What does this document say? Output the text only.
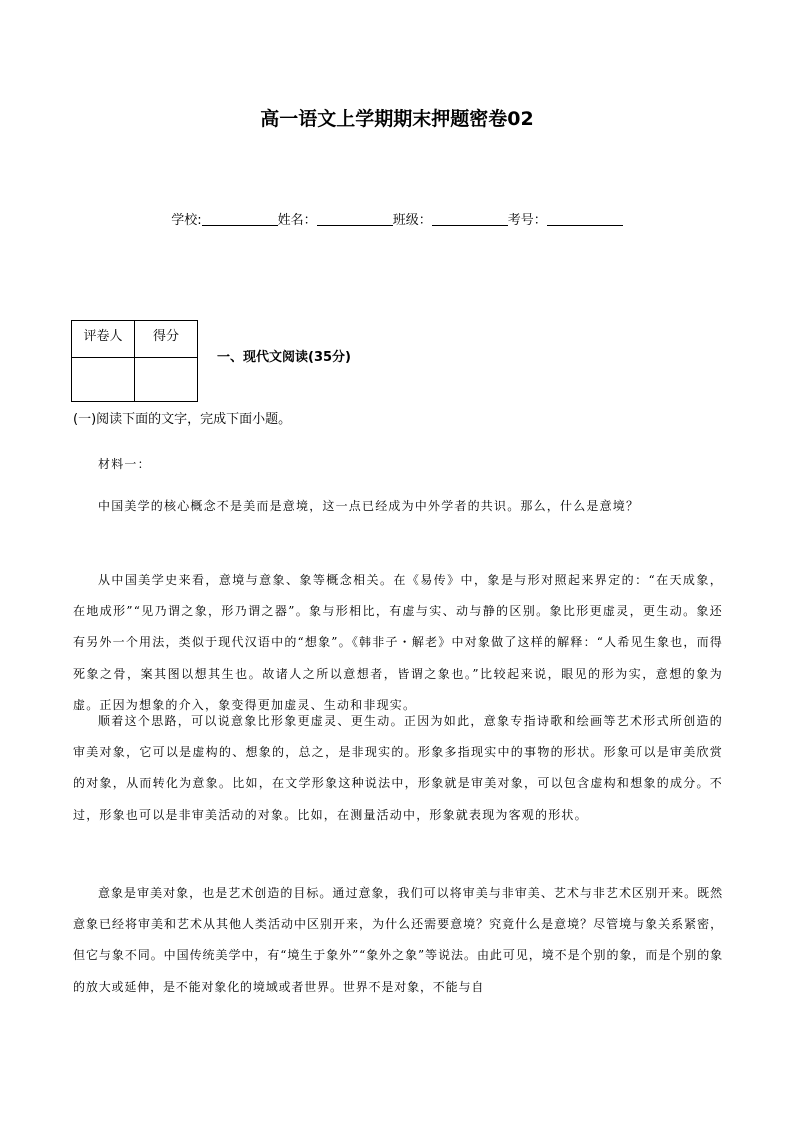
高一语文上学期期末押题密卷02
学校:	姓名：	班级：	考号：
评卷人	得分

一、现代文阅读(35分)
(一)阅读下面的文字，完成下面小题。

材料一：

中国美学的核心概念不是美而是意境，这一点已经成为中外学者的共识。那么，什么是意境？

从中国美学史来看，意境与意象、象等概念相关。在《易传》中，象是与形对照起来界定的：“在天成象，在地成形”“见乃谓之象，形乃谓之器”。象与形相比，有虚与实、动与静的区别。象比形更虚灵，更生动。象还有另外一个用法，类似于现代汉语中的“想象”。《韩非子・解老》中对象做了这样的解释：“人希见生象也，而得死象之骨，案其图以想其生也。故诸人之所以意想者，皆谓之象也。”比较起来说，眼见的形为实，意想的象为虚。正因为想象的介入，象变得更加虚灵、生动和非现实。

顺着这个思路，可以说意象比形象更虚灵、更生动。正因为如此，意象专指诗歌和绘画等艺术形式所创造的审美对象，它可以是虚构的、想象的，总之，是非现实的。形象多指现实中的事物的形状。形象可以是审美欣赏的对象，从而转化为意象。比如，在文学形象这种说法中，形象就是审美对象，可以包含虚构和想象的成分。不过，形象也可以是非审美活动的对象。比如，在测量活动中，形象就表现为客观的形状。

意象是审美对象，也是艺术创造的目标。通过意象，我们可以将审美与非审美、艺术与非艺术区别开来。既然意象已经将审美和艺术从其他人类活动中区别开来，为什么还需要意境？究竟什么是意境？尽管境与象关系紧密，但它与象不同。中国传统美学中，有“境生于象外”“象外之象”等说法。由此可见，境不是个别的象，而是个别的象的放大或延伸，是不能对象化的境域或者世界。世界不是对象，不能与自
